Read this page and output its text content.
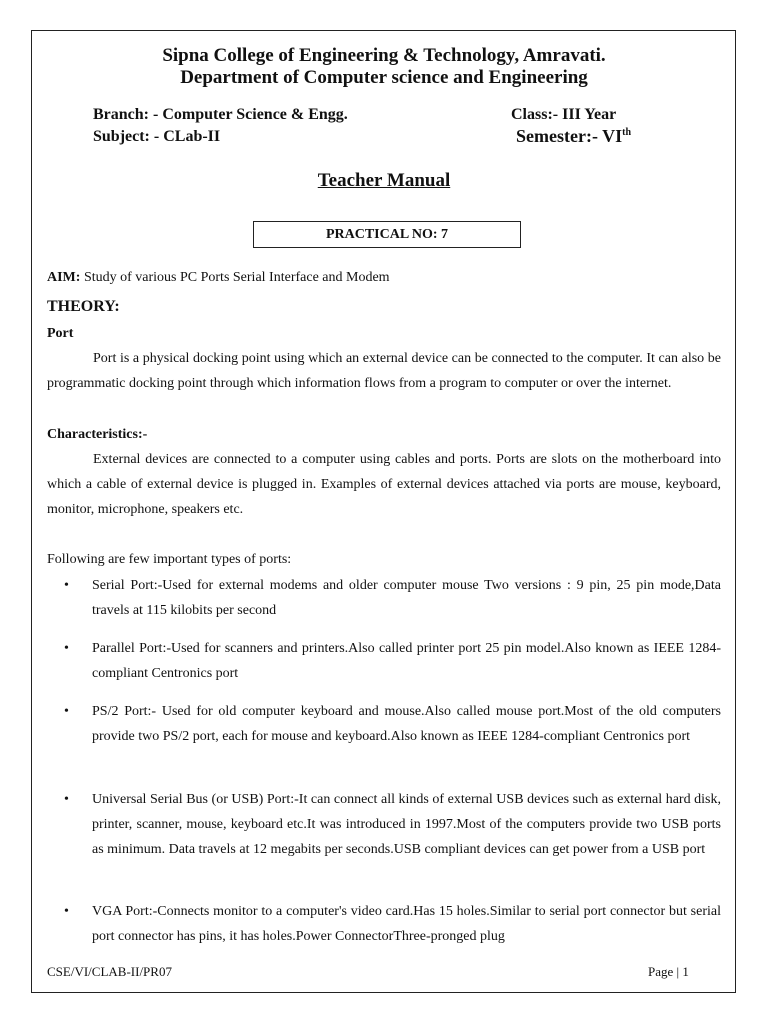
Sipna College of Engineering & Technology, Amravati.
Department of Computer science and Engineering
Branch: - Computer Science & Engg.	Class:- III Year
Subject: - CLab-II	Semester:- VIth
Teacher Manual
PRACTICAL NO: 7
AIM: Study of various PC Ports Serial Interface and Modem
THEORY:
Port
Port is a physical docking point using which an external device can be connected to the computer. It can also be programmatic docking point through which information flows from a program to computer or over the internet.
Characteristics:-
External devices are connected to a computer using cables and ports. Ports are slots on the motherboard into which a cable of external device is plugged in. Examples of external devices attached via ports are mouse, keyboard, monitor, microphone, speakers etc.
Following are few important types of ports:
•	Serial Port:-Used for external modems and older computer mouse Two versions : 9 pin, 25 pin mode,Data travels at 115 kilobits per second
•	Parallel Port:-Used for scanners and printers.Also called printer port 25 pin model.Also known as IEEE 1284-compliant Centronics port
•	PS/2 Port:- Used for old computer keyboard and mouse.Also called mouse port.Most of the old computers provide two PS/2 port, each for mouse and keyboard.Also known as IEEE 1284-compliant Centronics port
•	Universal Serial Bus (or USB) Port:-It can connect all kinds of external USB devices such as external hard disk, printer, scanner, mouse, keyboard etc.It was introduced in 1997.Most of the computers provide two USB ports as minimum. Data travels at 12 megabits per seconds.USB compliant devices can get power from a USB port
•	VGA Port:-Connects monitor to a computer's video card.Has 15 holes.Similar to serial port connector but serial port connector has pins, it has holes.Power ConnectorThree-pronged plug
CSE/VI/CLAB-II/PR07	Page | 1
